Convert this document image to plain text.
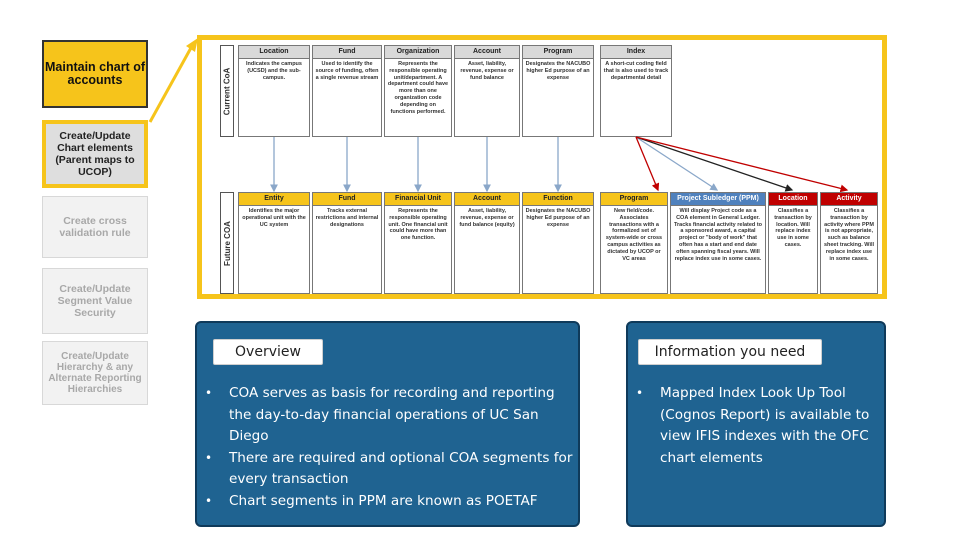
Maintain chart of accounts
Create/Update Chart elements (Parent maps to UCOP)
Create cross validation rule
Create/Update Segment Value Security
Create/Update Hierarchy & any Alternate Reporting Hierarchies
Current CoA
Future COA
Location
Indicates the campus (UCSD) and the sub-campus.
Fund
Used to identify the source of funding, often a single revenue stream
Organization
Represents the responsible operating unit/department. A department could have more than one organization code depending on functions performed.
Account
Asset, liability, revenue, expense or fund balance
Program
Designates the NACUBO higher Ed purpose of an expense
Index
A short-cut coding field that is also used to track departmental detail
Entity
Identifies the major operational unit with the UC system
Fund
Tracks external restrictions and internal designations
Financial Unit
Represents the responsible operating unit. One financial unit could have more than one function.
Account
Asset, liability, revenue, expense or fund balance (equity)
Function
Designates the NACUBO higher Ed purpose of an expense
Program
New field/code. Associates transactions with a formalized set of system-wide or cross campus activities as dictated by UCOP or VC areas
Project Subledger (PPM)
Will display Project code as a COA element in General Ledger. Tracks financial activity related to a sponsored award, a capital project or "body of work" that often has a start and end date often spanning fiscal years. Will replace index use in some cases.
Location
Classifies a transaction by location. Will replace index use in some cases.
Activity
Classifies a transaction by activity where PPM is not appropriate, such as balance sheet tracking. Will replace index use in some cases.
Overview
• COA serves as basis for recording and reporting the day-to-day financial operations of UC San Diego
• There are required and optional COA segments for every transaction
• Chart segments in PPM are known as POETAF
Information you need
• Mapped Index Look Up Tool (Cognos Report) is available to view IFIS indexes with the OFC chart elements
